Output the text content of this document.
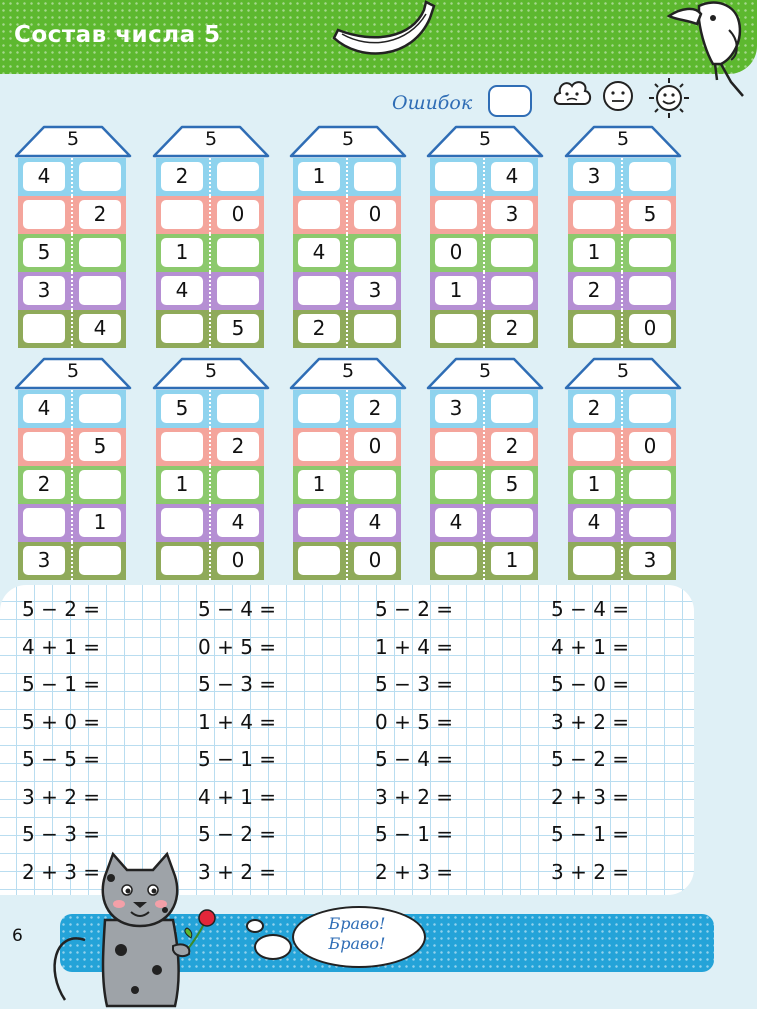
Состав числа 5
Ошибок
5
4
2
5
3
4
5
2
0
1
4
5
5
1
0
4
3
2
5
4
3
0
1
2
5
3
5
1
2
0
5
4
5
2
1
3
5
5
2
1
4
0
5
2
0
1
4
0
5
3
2
5
4
1
5
2
0
1
4
3
5 − 2 =
4 + 1 =
5 − 1 =
5 + 0 =
5 − 5 =
3 + 2 =
5 − 3 =
2 + 3 =
5 − 4 =
0 + 5 =
5 − 3 =
1 + 4 =
5 − 1 =
4 + 1 =
5 − 2 =
3 + 2 =
5 − 2 =
1 + 4 =
5 − 3 =
0 + 5 =
5 − 4 =
3 + 2 =
5 − 1 =
2 + 3 =
5 − 4 =
4 + 1 =
5 − 0 =
3 + 2 =
5 − 2 =
2 + 3 =
5 − 1 =
3 + 2 =
6
Браво!
Браво!
